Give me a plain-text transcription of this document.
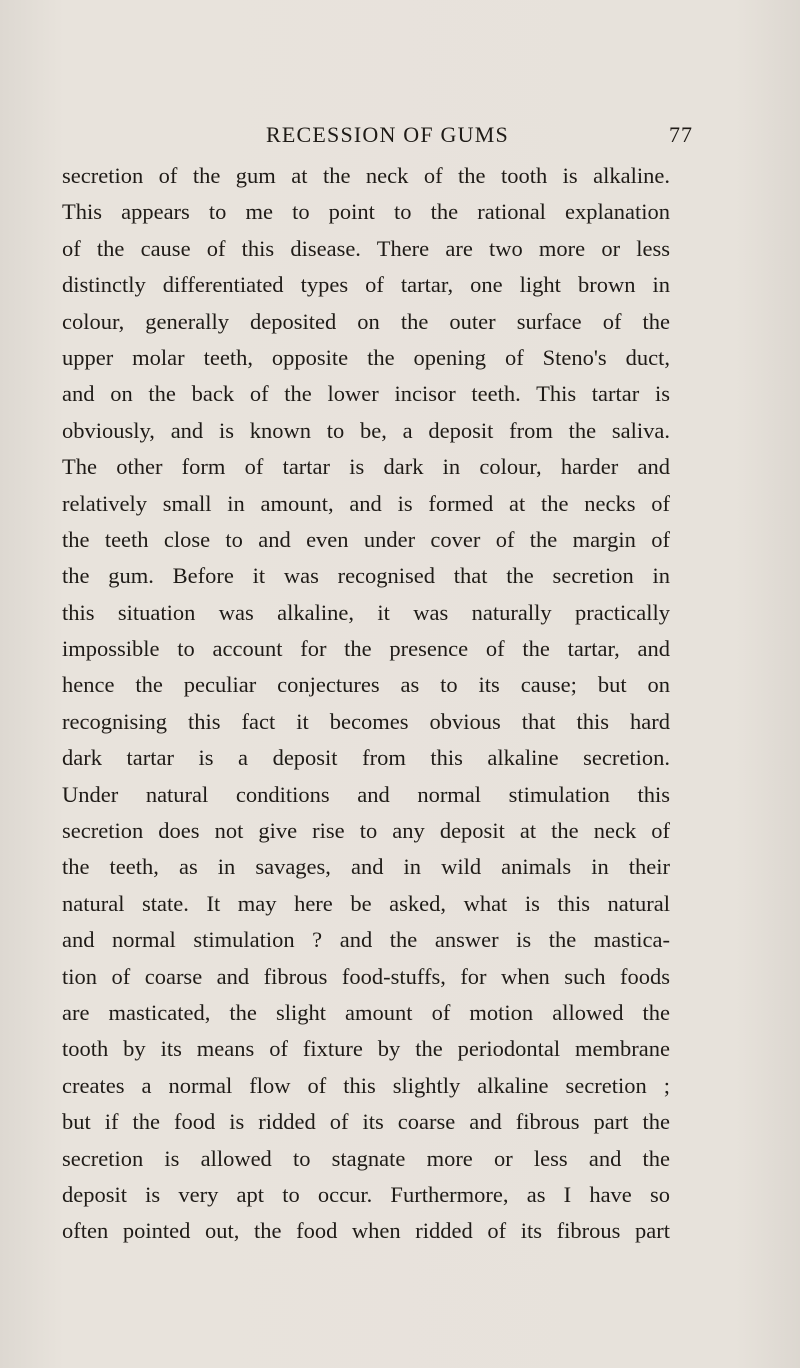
RECESSION OF GUMS	77
secretion of the gum at the neck of the tooth is alkaline.
This appears to me to point to the rational explanation
of the cause of this disease. There are two more or less
distinctly differentiated types of tartar, one light brown in
colour, generally deposited on the outer surface of the
upper molar teeth, opposite the opening of Steno's duct,
and on the back of the lower incisor teeth. This tartar is
obviously, and is known to be, a deposit from the saliva.
The other form of tartar is dark in colour, harder and
relatively small in amount, and is formed at the necks of
the teeth close to and even under cover of the margin of
the gum. Before it was recognised that the secretion in
this situation was alkaline, it was naturally practically
impossible to account for the presence of the tartar, and
hence the peculiar conjectures as to its cause; but on
recognising this fact it becomes obvious that this hard
dark tartar is a deposit from this alkaline secretion.
Under natural conditions and normal stimulation this
secretion does not give rise to any deposit at the neck of
the teeth, as in savages, and in wild animals in their
natural state. It may here be asked, what is this natural
and normal stimulation ? and the answer is the mastica-
tion of coarse and fibrous food-stuffs, for when such foods
are masticated, the slight amount of motion allowed the
tooth by its means of fixture by the periodontal membrane
creates a normal flow of this slightly alkaline secretion ;
but if the food is ridded of its coarse and fibrous part the
secretion is allowed to stagnate more or less and the
deposit is very apt to occur. Furthermore, as I have so
often pointed out, the food when ridded of its fibrous part
